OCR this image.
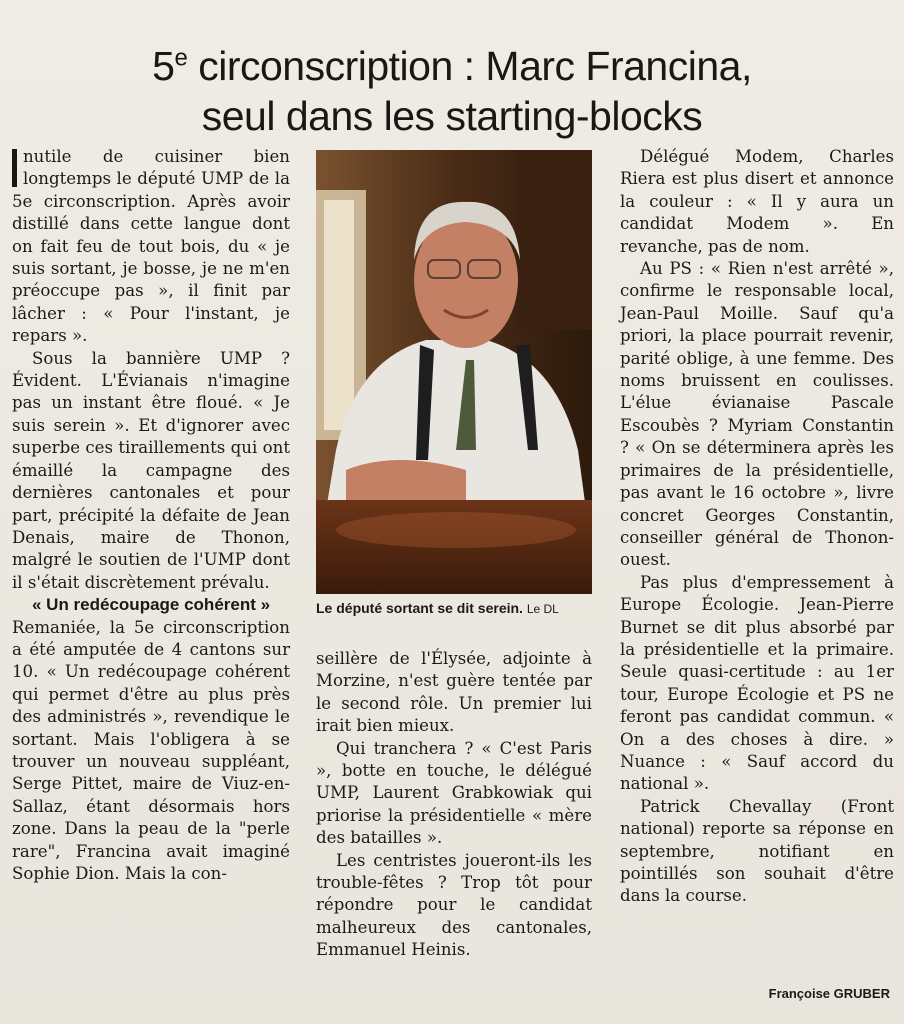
5e circonscription : Marc Francina,
seul dans les starting-blocks

nutile de cuisiner bien longtemps le député UMP de la 5e circonscription. Après avoir distillé dans cette langue dont on fait feu de tout bois, du « je suis sortant, je bosse, je ne m'en préoccupe pas », il finit par lâcher : « Pour l'instant, je repars ».

Sous la bannière UMP ? Évident. L'Évianais n'imagine pas un instant être floué. « Je suis serein ». Et d'ignorer avec superbe ces tiraillements qui ont émaillé la campagne des dernières cantonales et pour part, précipité la défaite de Jean Denais, maire de Thonon, malgré le soutien de l'UMP dont il s'était discrètement prévalu.

« Un redécoupage cohérent »

Remaniée, la 5e circonscription a été amputée de 4 cantons sur 10. « Un redécoupage cohérent qui permet d'être au plus près des administrés », revendique le sortant. Mais l'obligera à se trouver un nouveau suppléant, Serge Pittet, maire de Viuz-en-Sallaz, étant désormais hors zone. Dans la peau de la "perle rare", Francina avait imaginé Sophie Dion. Mais la con-

Le député sortant se dit serein. Le DL

seillère de l'Élysée, adjointe à Morzine, n'est guère tentée par le second rôle. Un premier lui irait bien mieux.

Qui tranchera ? « C'est Paris », botte en touche, le délégué UMP, Laurent Grabkowiak qui priorise la présidentielle « mère des batailles ».

Les centristes joueront-ils les trouble-fêtes ? Trop tôt pour répondre pour le candidat malheureux des cantonales, Emmanuel Heinis.

Délégué Modem, Charles Riera est plus disert et annonce la couleur : « Il y aura un candidat Modem ». En revanche, pas de nom.

Au PS : « Rien n'est arrêté », confirme le responsable local, Jean-Paul Moille. Sauf qu'a priori, la place pourrait revenir, parité oblige, à une femme. Des noms bruissent en coulisses. L'élue évianaise Pascale Escoubès ? Myriam Constantin ? « On se déterminera après les primaires de la présidentielle, pas avant le 16 octobre », livre concret Georges Constantin, conseiller général de Thonon-ouest.

Pas plus d'empressement à Europe Écologie. Jean-Pierre Burnet se dit plus absorbé par la présidentielle et la primaire. Seule quasi-certitude : au 1er tour, Europe Écologie et PS ne feront pas candidat commun. « On a des choses à dire. » Nuance : « Sauf accord du national ».

Patrick Chevallay (Front national) reporte sa réponse en septembre, notifiant en pointillés son souhait d'être dans la course.

Françoise GRUBER
